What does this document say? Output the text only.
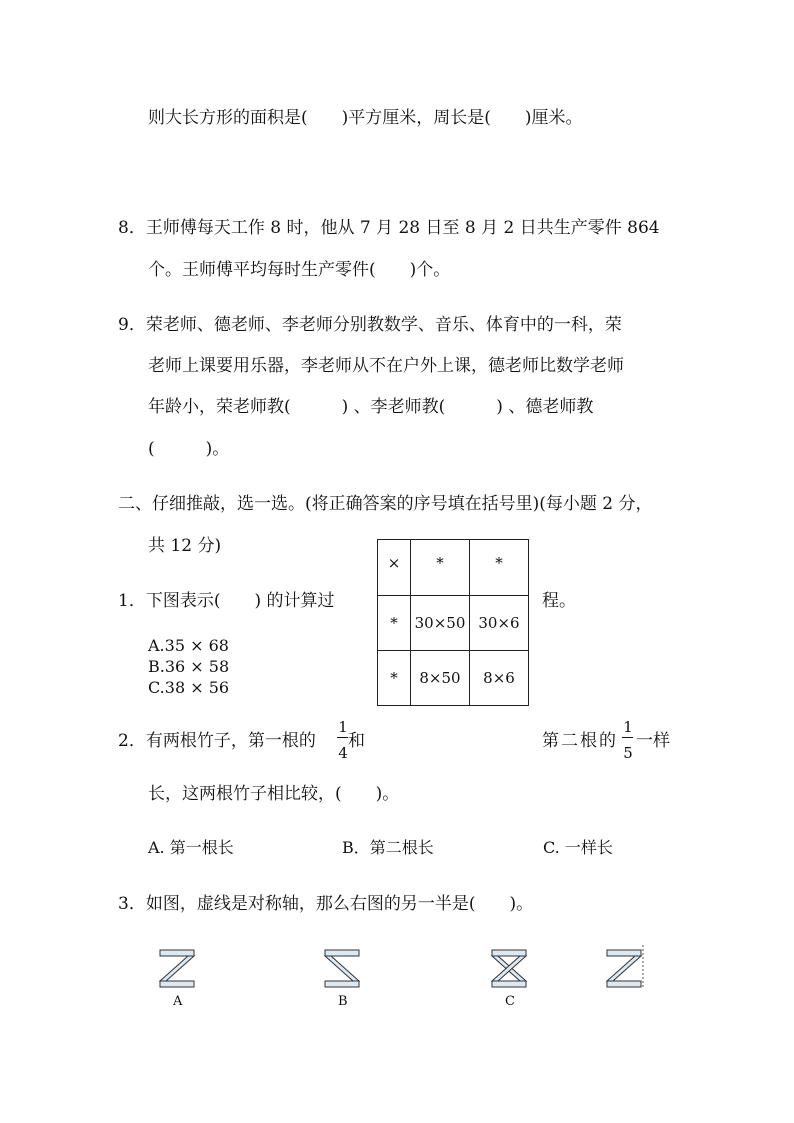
则大长方形的面积是(　　)平方厘米，周长是(　　)厘米。
8．王师傅每天工作 8 时，他从 7 月 28 日至 8 月 2 日共生产零件 864
个。王师傅平均每时生产零件(　　)个。
9．荣老师、德老师、李老师分别教数学、音乐、体育中的一科，荣
老师上课要用乐器，李老师从不在户外上课，德老师比数学老师
年龄小，荣老师教(　　　) 、李老师教(　　　) 、德老师教
(　　　)。
二、仔细推敲，选一选。(将正确答案的序号填在括号里)(每小题 2 分，
共 12 分)
1．下图表示(　　) 的计算过	程。
A.35 × 68
B.36 × 58
C.38 × 56
×	*	*
*	30×50	30×6
*	8×50	8×6
2．有两根竹子，第一根的
1
4
和	第二根的
1
5
一样
长，这两根竹子相比较，(　　)。
A. 第一根长	B．第二根长	C. 一样长
3．如图，虚线是对称轴，那么右图的另一半是(　　)。
A	B	C
